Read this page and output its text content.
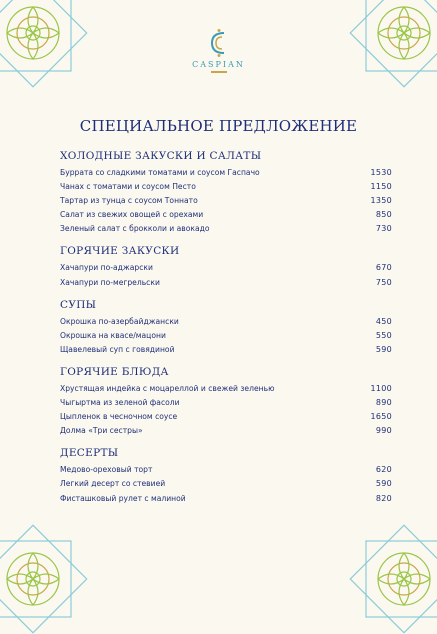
CASPIAN
СПЕЦИАЛЬНОЕ ПРЕДЛОЖЕНИЕ
ХОЛОДНЫЕ ЗАКУСКИ И САЛАТЫ
Буррата со сладкими томатами и соусом Гаспачо	1530
Чанах с томатами и соусом Песто	1150
Тартар из тунца с соусом Тоннато	1350
Салат из свежих овощей с орехами	850
Зеленый салат с брокколи и авокадо	730
ГОРЯЧИЕ ЗАКУСКИ
Хачапури по-аджарски	670
Хачапури по-мегрельски	750
СУПЫ
Окрошка по-азербайджански	450
Окрошка на квасе/мацони	550
Щавелевый суп с говядиной	590
ГОРЯЧИЕ БЛЮДА
Хрустящая индейка с моцареллой и свежей зеленью	1100
Чыгыртма из зеленой фасоли	890
Цыпленок в чесночном соусе	1650
Долма «Три сестры»	990
ДЕСЕРТЫ
Медово-ореховый торт	620
Легкий десерт со стевией	590
Фисташковый рулет с малиной	820
